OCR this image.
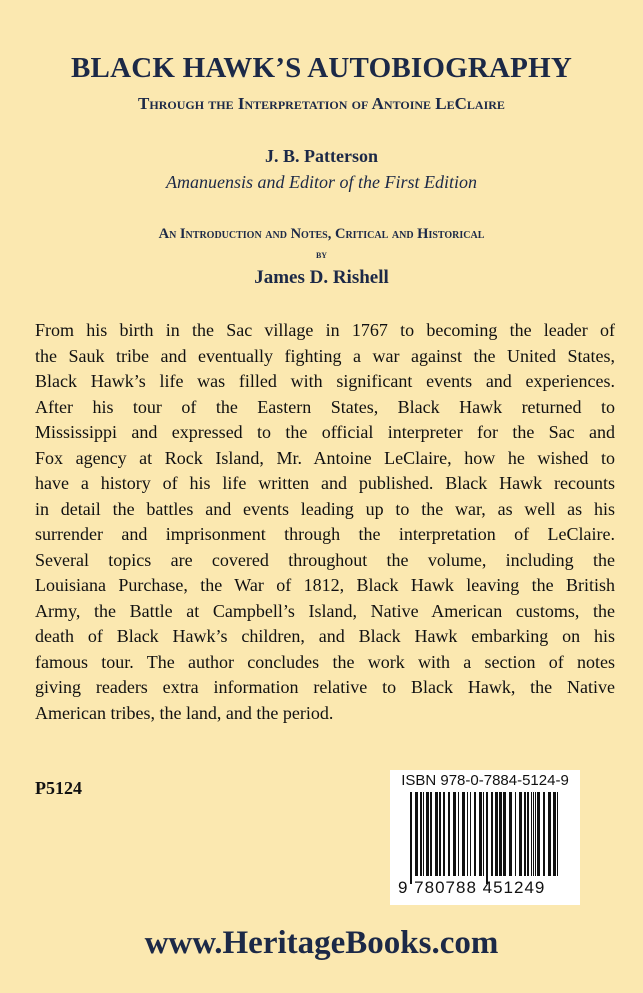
BLACK HAWK’S AUTOBIOGRAPHY
Through the Interpretation of Antoine LeClaire
J. B. Patterson
Amanuensis and Editor of the First Edition
An Introduction and Notes, Critical and Historical
by
James D. Rishell
From his birth in the Sac village in 1767 to becoming the leader of
the Sauk tribe and eventually fighting a war against the United States,
Black Hawk’s life was filled with significant events and experiences.
After his tour of the Eastern States, Black Hawk returned to
Mississippi and expressed to the official interpreter for the Sac and
Fox agency at Rock Island, Mr. Antoine LeClaire, how he wished to
have a history of his life written and published. Black Hawk recounts
in detail the battles and events leading up to the war, as well as his
surrender and imprisonment through the interpretation of LeClaire.
Several topics are covered throughout the volume, including the
Louisiana Purchase, the War of 1812, Black Hawk leaving the British
Army, the Battle at Campbell’s Island, Native American customs, the
death of Black Hawk’s children, and Black Hawk embarking on his
famous tour. The author concludes the work with a section of notes
giving readers extra information relative to Black Hawk, the Native
American tribes, the land, and the period.
P5124	ISBN 978-0-7884-5124-9
9 780788 451249
www.HeritageBooks.com
